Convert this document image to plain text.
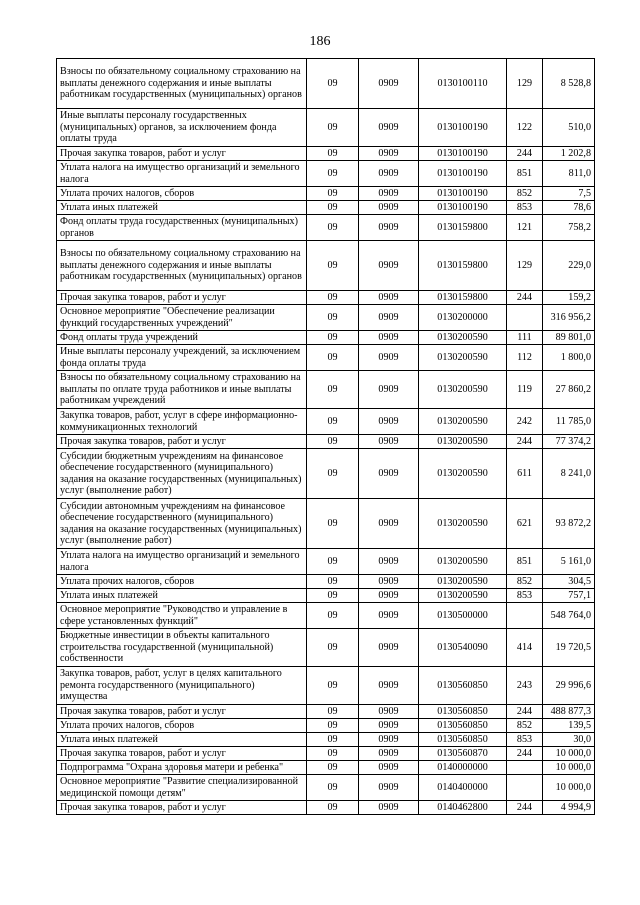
186
Взносы по обязательному социальному страхованию на выплаты денежного содержания и иные выплаты работникам государственных (муниципальных) органов	09	0909	0130100110	129	8 528,8
Иные выплаты персоналу государственных (муниципальных) органов, за исключением фонда оплаты труда	09	0909	0130100190	122	510,0
Прочая закупка товаров, работ и услуг	09	0909	0130100190	244	1 202,8
Уплата налога на имущество организаций и земельного налога	09	0909	0130100190	851	811,0
Уплата прочих налогов, сборов	09	0909	0130100190	852	7,5
Уплата иных платежей	09	0909	0130100190	853	78,6
Фонд оплаты труда государственных (муниципальных) органов	09	0909	0130159800	121	758,2
Взносы по обязательному социальному страхованию на выплаты денежного содержания и иные выплаты работникам государственных (муниципальных) органов	09	0909	0130159800	129	229,0
Прочая закупка товаров, работ и услуг	09	0909	0130159800	244	159,2
Основное мероприятие "Обеспечение реализации функций государственных учреждений"	09	0909	0130200000		316 956,2
Фонд оплаты труда учреждений	09	0909	0130200590	111	89 801,0
Иные выплаты персоналу учреждений, за исключением фонда оплаты труда	09	0909	0130200590	112	1 800,0
Взносы по обязательному социальному страхованию на выплаты по оплате труда работников и иные выплаты работникам учреждений	09	0909	0130200590	119	27 860,2
Закупка товаров, работ, услуг в сфере информационно-коммуникационных технологий	09	0909	0130200590	242	11 785,0
Прочая закупка товаров, работ и услуг	09	0909	0130200590	244	77 374,2
Субсидии бюджетным учреждениям на финансовое обеспечение государственного (муниципального) задания на оказание государственных (муниципальных) услуг (выполнение работ)	09	0909	0130200590	611	8 241,0
Субсидии автономным учреждениям на финансовое обеспечение государственного (муниципального) задания на оказание государственных (муниципальных) услуг (выполнение работ)	09	0909	0130200590	621	93 872,2
Уплата налога на имущество организаций и земельного налога	09	0909	0130200590	851	5 161,0
Уплата прочих налогов, сборов	09	0909	0130200590	852	304,5
Уплата иных платежей	09	0909	0130200590	853	757,1
Основное мероприятие "Руководство и управление в сфере установленных функций"	09	0909	0130500000		548 764,0
Бюджетные инвестиции в объекты капитального строительства государственной (муниципальной) собственности	09	0909	0130540090	414	19 720,5
Закупка товаров, работ, услуг в целях капитального ремонта государственного (муниципального) имущества	09	0909	0130560850	243	29 996,6
Прочая закупка товаров, работ и услуг	09	0909	0130560850	244	488 877,3
Уплата прочих налогов, сборов	09	0909	0130560850	852	139,5
Уплата иных платежей	09	0909	0130560850	853	30,0
Прочая закупка товаров, работ и услуг	09	0909	0130560870	244	10 000,0
Подпрограмма "Охрана здоровья матери и ребенка"	09	0909	0140000000		10 000,0
Основное мероприятие "Развитие специализированной медицинской помощи детям"	09	0909	0140400000		10 000,0
Прочая закупка товаров, работ и услуг	09	0909	0140462800	244	4 994,9
